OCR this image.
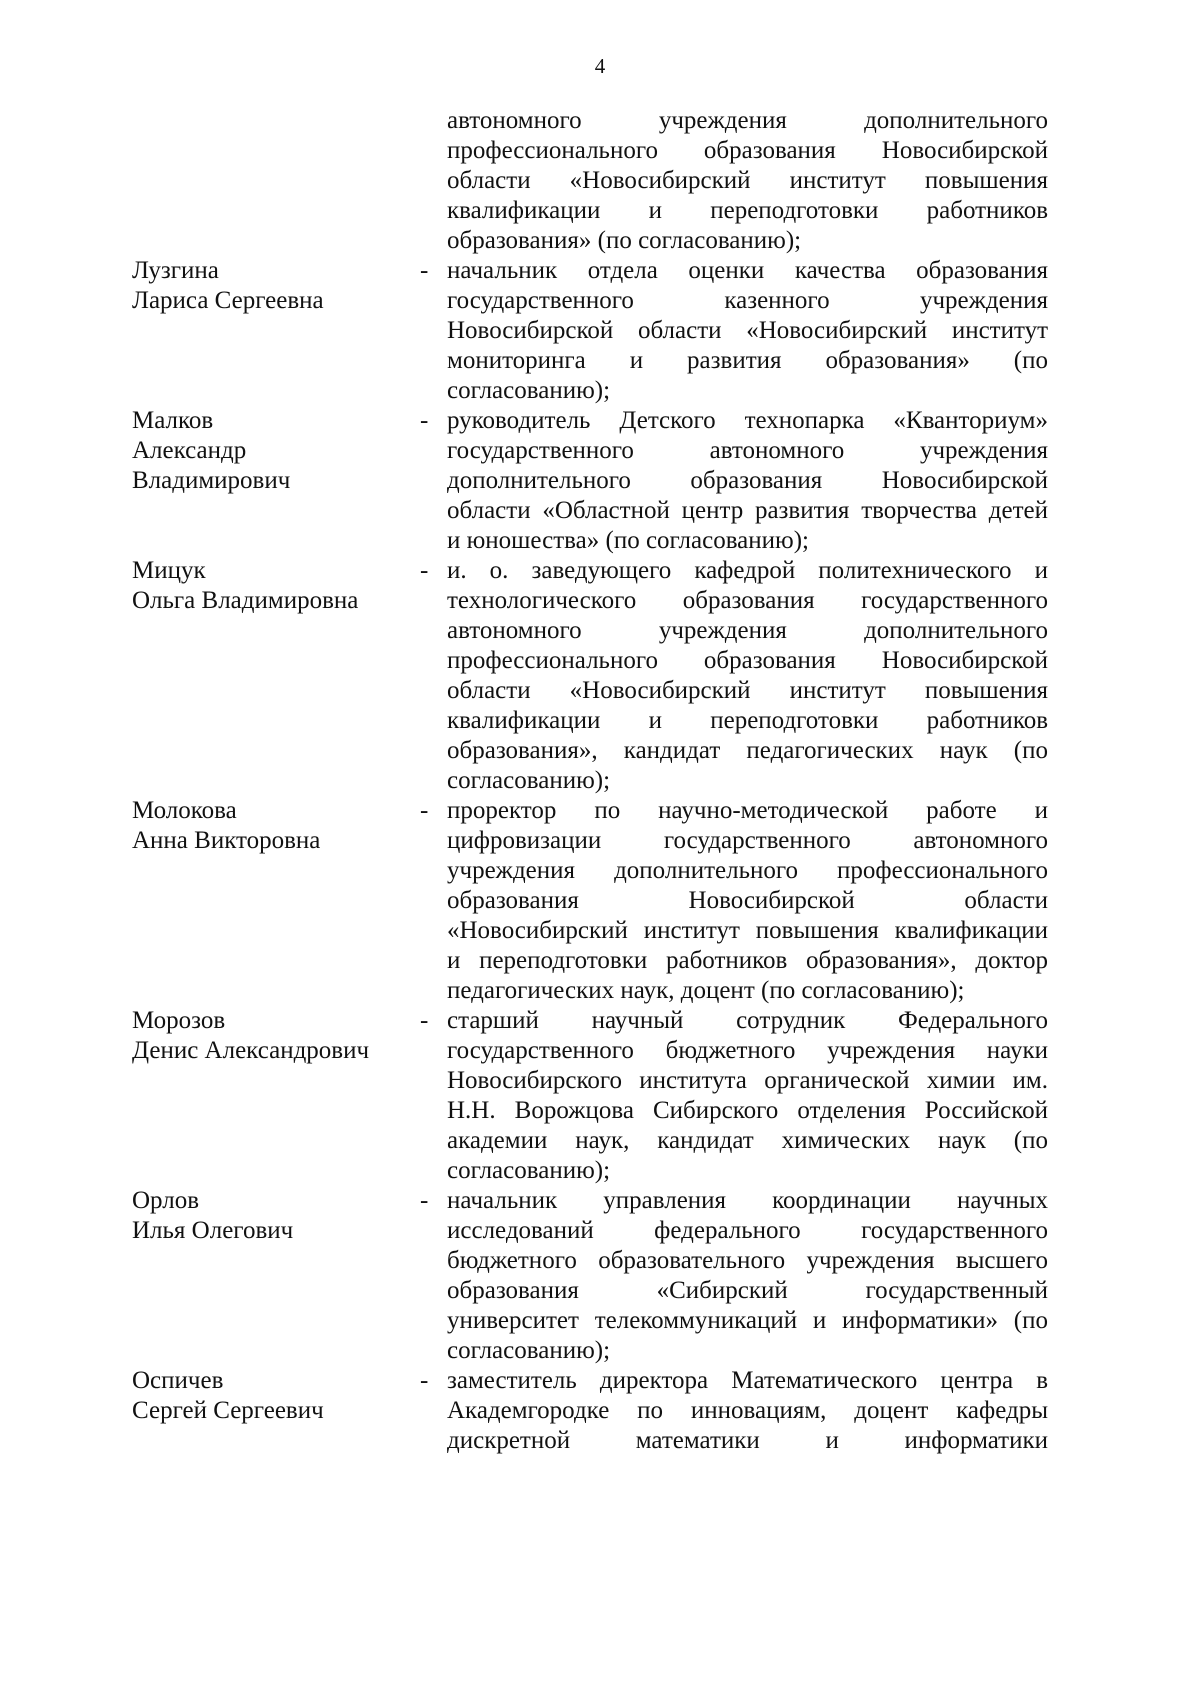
4
автономного учреждения дополнительного
профессионального образования Новосибирской
области «Новосибирский институт повышения
квалификации и переподготовки работников
образования» (по согласованию);
Лузгина
Лариса Сергеевна
- начальник отдела оценки качества образования
государственного казенного учреждения
Новосибирской области «Новосибирский институт
мониторинга и развития образования» (по
согласованию);
Малков
Александр
Владимирович
- руководитель Детского технопарка «Кванториум»
государственного автономного учреждения
дополнительного образования Новосибирской
области «Областной центр развития творчества детей
и юношества» (по согласованию);
Мицук
Ольга Владимировна
- и. о. заведующего кафедрой политехнического и
технологического образования государственного
автономного учреждения дополнительного
профессионального образования Новосибирской
области «Новосибирский институт повышения
квалификации и переподготовки работников
образования», кандидат педагогических наук (по
согласованию);
Молокова
Анна Викторовна
- проректор по научно-методической работе и
цифровизации государственного автономного
учреждения дополнительного профессионального
образования Новосибирской области
«Новосибирский институт повышения квалификации
и переподготовки работников образования», доктор
педагогических наук, доцент (по согласованию);
Морозов
Денис Александрович
- старший научный сотрудник Федерального
государственного бюджетного учреждения науки
Новосибирского института органической химии им.
Н.Н. Ворожцова Сибирского отделения Российской
академии наук, кандидат химических наук (по
согласованию);
Орлов
Илья Олегович
- начальник управления координации научных
исследований федерального государственного
бюджетного образовательного учреждения высшего
образования «Сибирский государственный
университет телекоммуникаций и информатики» (по
согласованию);
Оспичев
Сергей Сергеевич
- заместитель директора Математического центра в
Академгородке по инновациям, доцент кафедры
дискретной математики и информатики
